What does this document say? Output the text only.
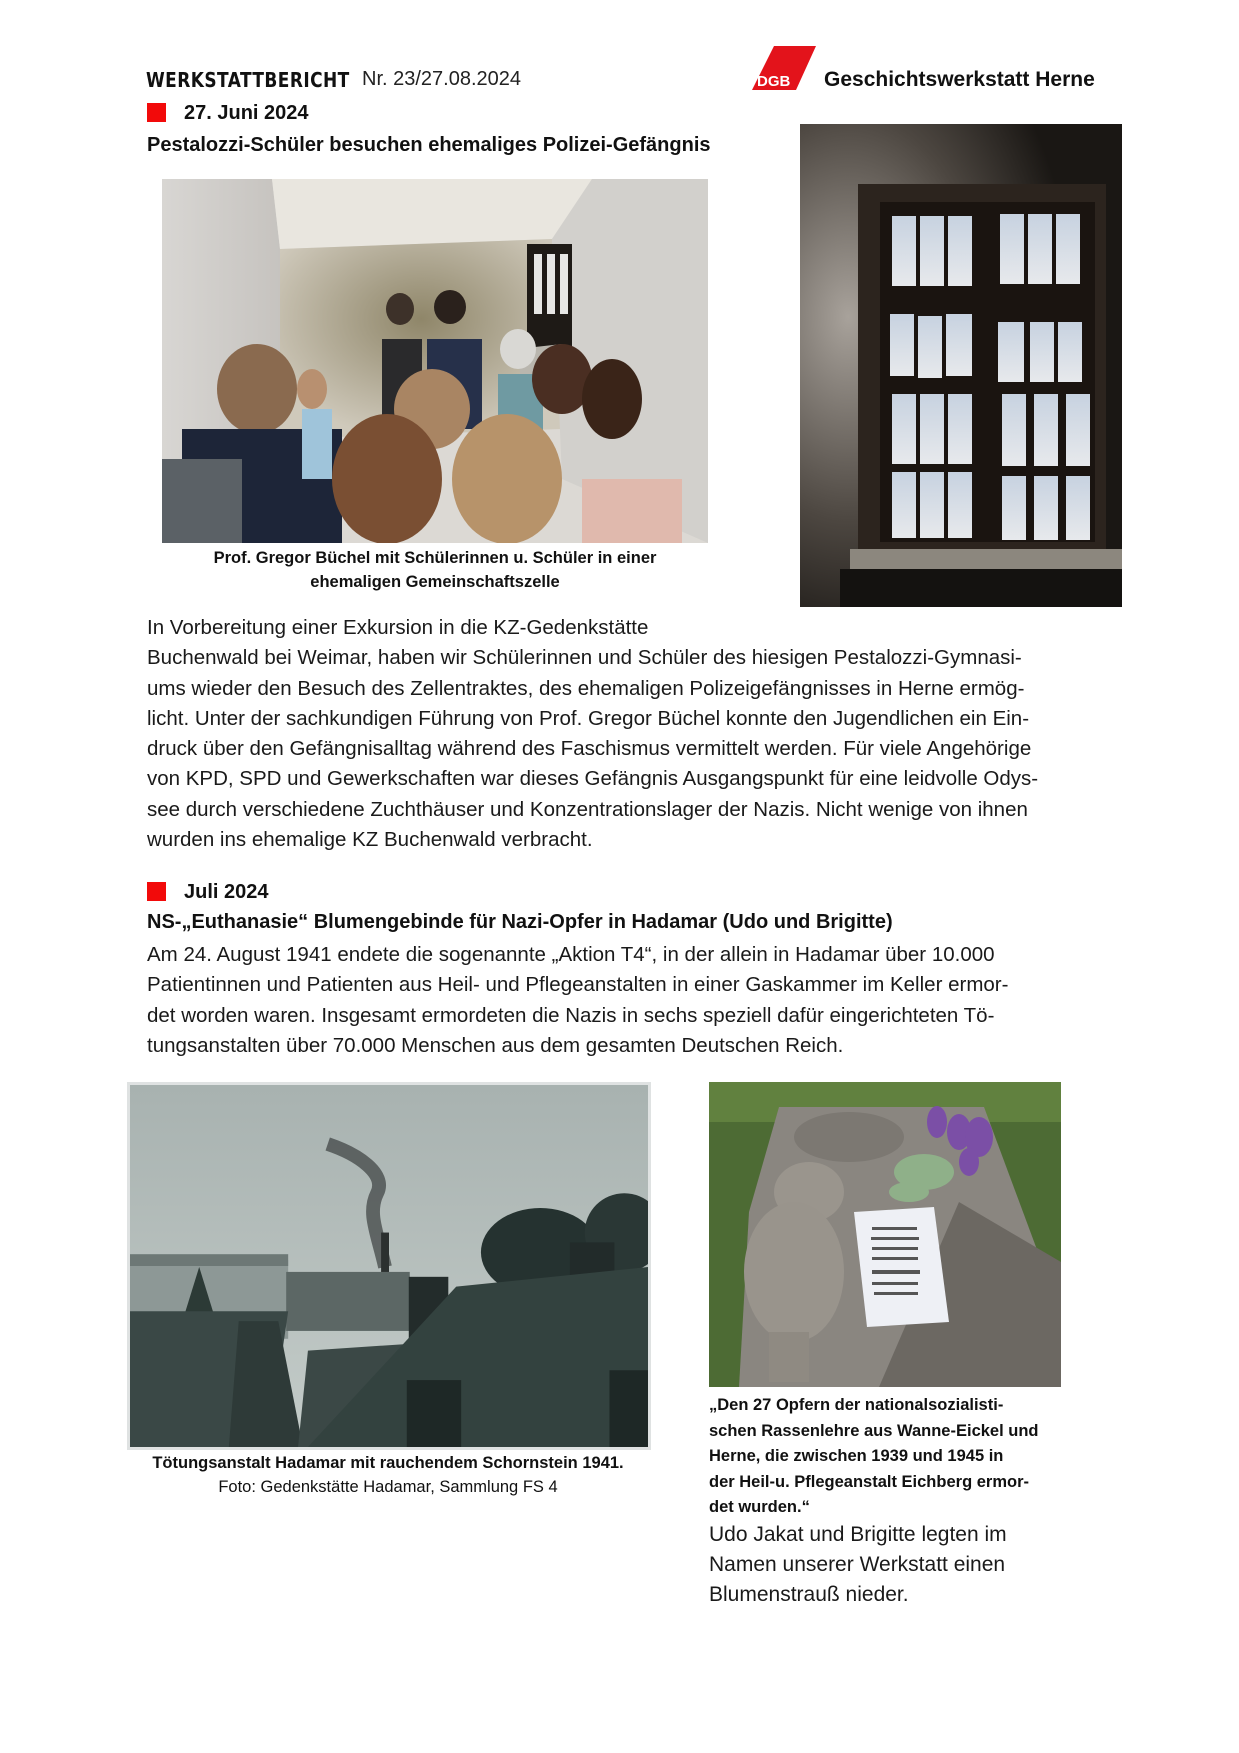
WERKSTATTBERICHT Nr. 23/27.08.2024	DGB Geschichtswerkstatt Herne
27. Juni 2024
Pestalozzi-Schüler besuchen ehemaliges Polizei-Gefängnis
Prof. Gregor Büchel mit Schülerinnen u. Schüler in einer
ehemaligen Gemeinschaftszelle
In Vorbereitung einer Exkursion in die KZ-Gedenkstätte
Buchenwald bei Weimar, haben wir Schülerinnen und Schüler des hiesigen Pestalozzi-Gymnasi-
ums wieder den Besuch des Zellentraktes, des ehemaligen Polizeigefängnisses in Herne ermög-
licht. Unter der sachkundigen Führung von Prof. Gregor Büchel konnte den Jugendlichen ein Ein-
druck über den Gefängnisalltag während des Faschismus vermittelt werden. Für viele Angehörige
von KPD, SPD und Gewerkschaften war dieses Gefängnis Ausgangspunkt für eine leidvolle Odys-
see durch verschiedene Zuchthäuser und Konzentrationslager der Nazis. Nicht wenige von ihnen
wurden ins ehemalige KZ Buchenwald verbracht.
Juli 2024
NS-„Euthanasie“ Blumengebinde für Nazi-Opfer in Hadamar (Udo und Brigitte)
Am 24. August 1941 endete die sogenannte „Aktion T4“, in der allein in Hadamar über 10.000
Patientinnen und Patienten aus Heil- und Pflegeanstalten in einer Gaskammer im Keller ermor-
det worden waren. Insgesamt ermordeten die Nazis in sechs speziell dafür eingerichteten Tö-
tungsanstalten über 70.000 Menschen aus dem gesamten Deutschen Reich.
Tötungsanstalt Hadamar mit rauchendem Schornstein 1941.
Foto: Gedenkstätte Hadamar, Sammlung FS 4
„Den 27 Opfern der nationalsozialisti-
schen Rassenlehre aus Wanne-Eickel und
Herne, die zwischen 1939 und 1945 in
der Heil-u. Pflegeanstalt Eichberg ermor-
det wurden.“
Udo Jakat und Brigitte legten im
Namen unserer Werkstatt einen
Blumenstrauß nieder.
